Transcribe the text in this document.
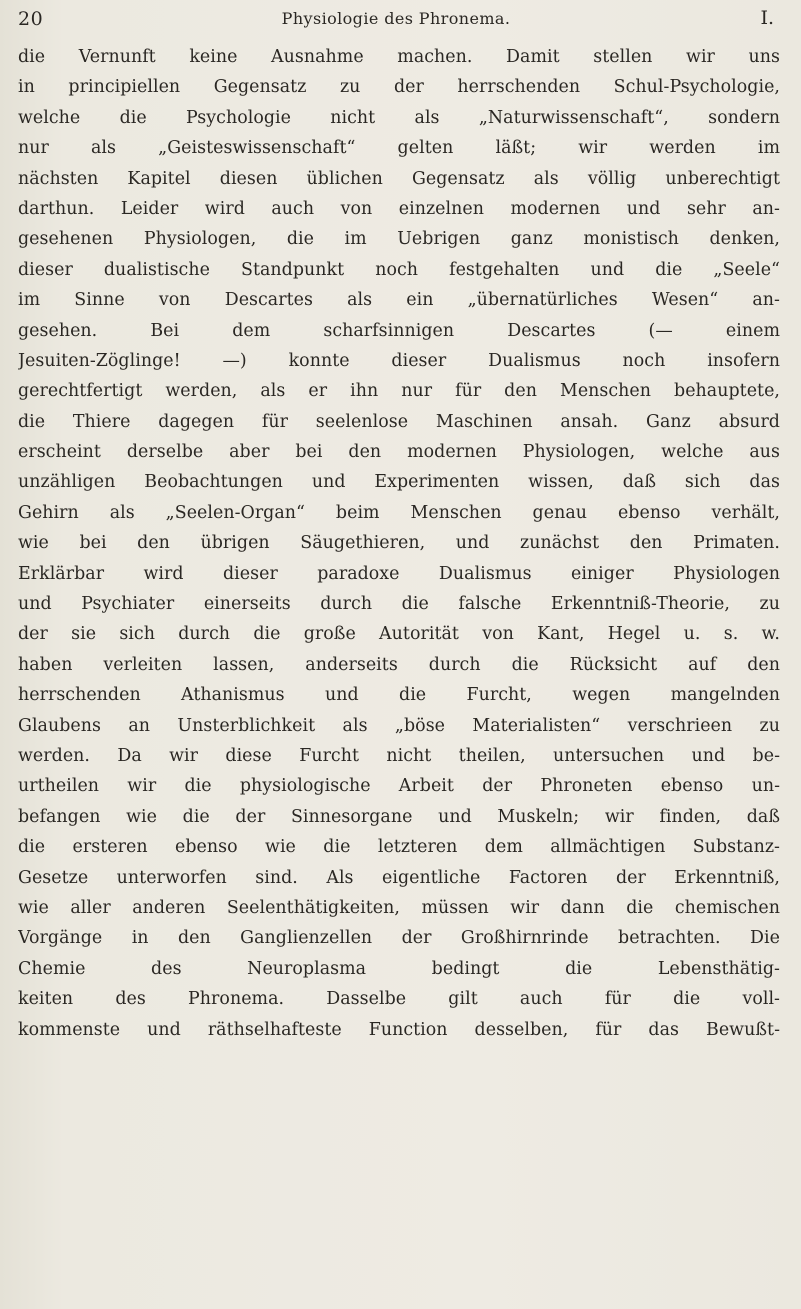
20	Physiologie des Phronema.	I.
die Vernunft keine Ausnahme machen. Damit stellen wir uns
in principiellen Gegensatz zu der herrschenden Schul-Psychologie,
welche die Psychologie nicht als „Naturwissenschaft“, sondern
nur als „Geisteswissenschaft“ gelten läßt; wir werden im
nächsten Kapitel diesen üblichen Gegensatz als völlig unberechtigt
darthun. Leider wird auch von einzelnen modernen und sehr an-
gesehenen Physiologen, die im Uebrigen ganz monistisch denken,
dieser dualistische Standpunkt noch festgehalten und die „Seele“
im Sinne von Descartes als ein „übernatürliches Wesen“ an-
gesehen. Bei dem scharfsinnigen Descartes (— einem
Jesuiten-Zöglinge! —) konnte dieser Dualismus noch insofern
gerechtfertigt werden, als er ihn nur für den Menschen behauptete,
die Thiere dagegen für seelenlose Maschinen ansah. Ganz absurd
erscheint derselbe aber bei den modernen Physiologen, welche aus
unzähligen Beobachtungen und Experimenten wissen, daß sich das
Gehirn als „Seelen-Organ“ beim Menschen genau ebenso verhält,
wie bei den übrigen Säugethieren, und zunächst den Primaten.
Erklärbar wird dieser paradoxe Dualismus einiger Physiologen
und Psychiater einerseits durch die falsche Erkenntniß-Theorie, zu
der sie sich durch die große Autorität von Kant, Hegel u. s. w.
haben verleiten lassen, anderseits durch die Rücksicht auf den
herrschenden Athanismus und die Furcht, wegen mangelnden
Glaubens an Unsterblichkeit als „böse Materialisten“ verschrieen zu
werden. Da wir diese Furcht nicht theilen, untersuchen und be-
urtheilen wir die physiologische Arbeit der Phroneten ebenso un-
befangen wie die der Sinnesorgane und Muskeln; wir finden, daß
die ersteren ebenso wie die letzteren dem allmächtigen Substanz-
Gesetze unterworfen sind. Als eigentliche Factoren der Erkenntniß,
wie aller anderen Seelenthätigkeiten, müssen wir dann die chemischen
Vorgänge in den Ganglienzellen der Großhirnrinde betrachten. Die
Chemie des Neuroplasma bedingt die Lebensthätig-
keiten des Phronema. Dasselbe gilt auch für die voll-
kommenste und räthselhafteste Function desselben, für das Bewußt-
